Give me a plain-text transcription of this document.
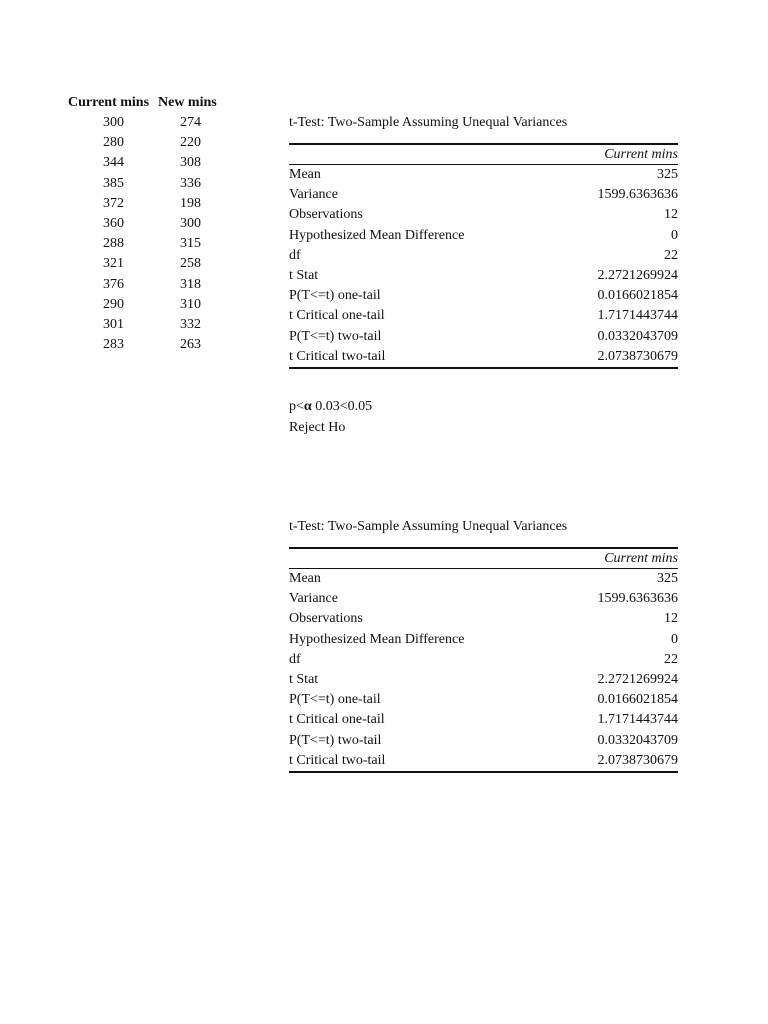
Current mins New mins
300	274
280	220
344	308
385	336
372	198
360	300
288	315
321	258
376	318
290	310
301	332
283	263
t-Test: Two-Sample Assuming Unequal Variances
Current mins
Mean	325
Variance	1599.6363636
Observations	12
Hypothesized Mean Difference	0
df	22
t Stat	2.2721269924
P(T<=t) one-tail	0.0166021854
t Critical one-tail	1.7171443744
P(T<=t) two-tail	0.0332043709
t Critical two-tail	2.0738730679
p<α 0.03<0.05
Reject Ho
t-Test: Two-Sample Assuming Unequal Variances
Current mins
Mean	325
Variance	1599.6363636
Observations	12
Hypothesized Mean Difference	0
df	22
t Stat	2.2721269924
P(T<=t) one-tail	0.0166021854
t Critical one-tail	1.7171443744
P(T<=t) two-tail	0.0332043709
t Critical two-tail	2.0738730679
